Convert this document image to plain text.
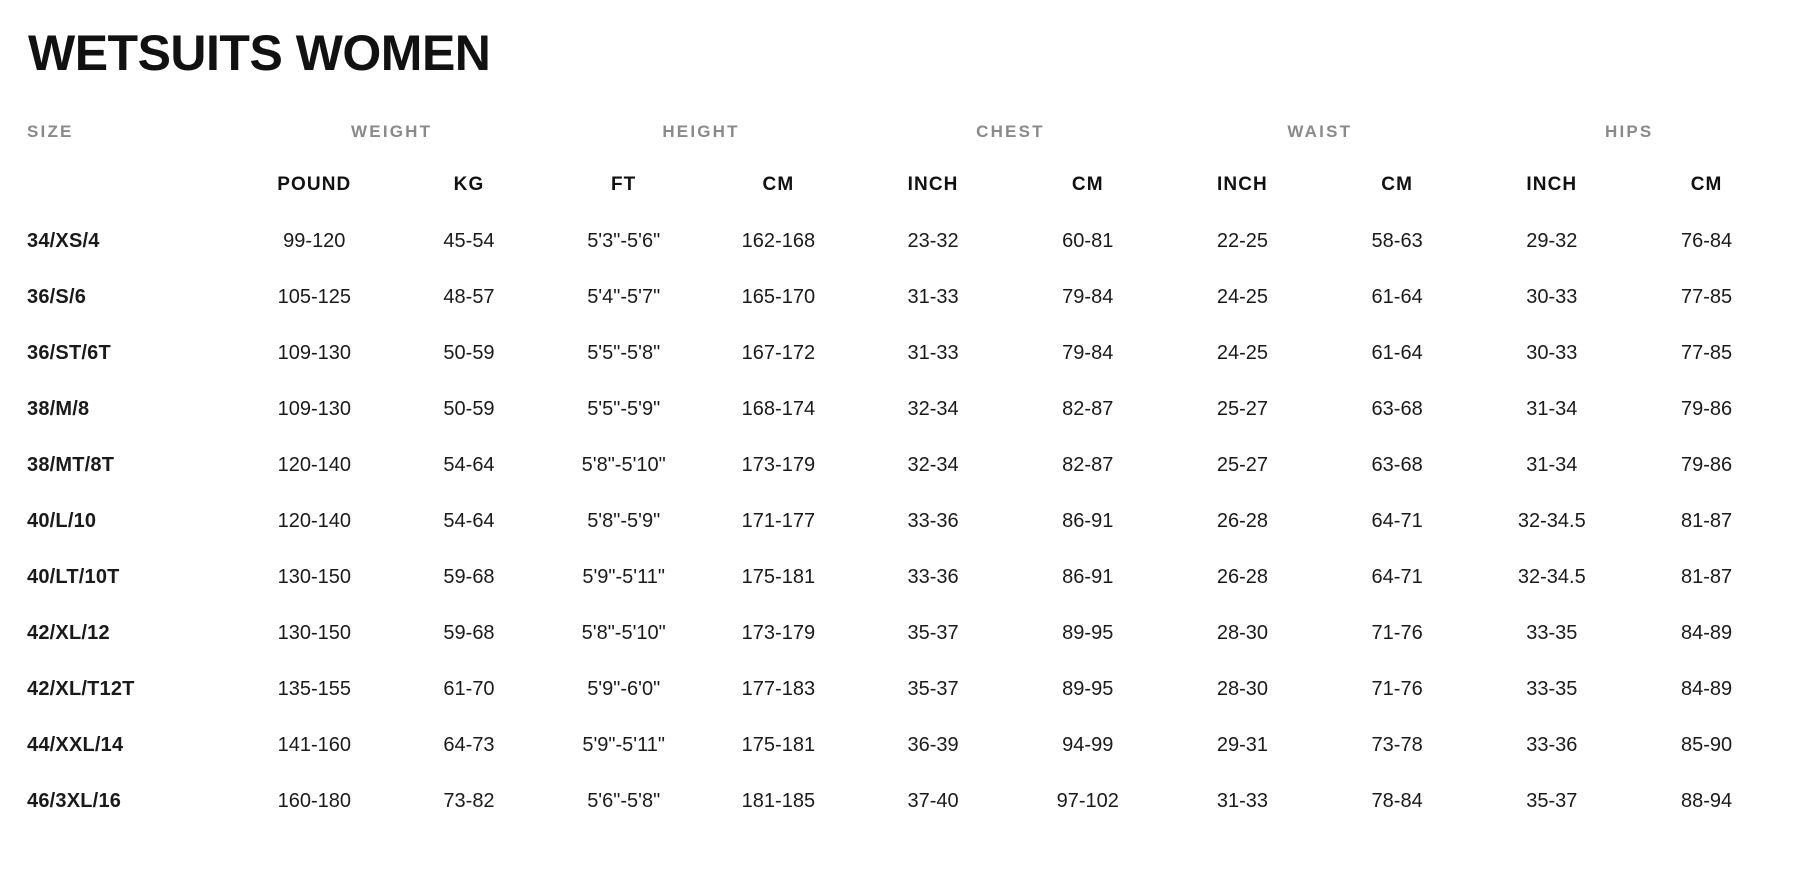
WETSUITS WOMEN
SIZE	WEIGHT		HEIGHT		CHEST		WAIST		HIPS	
	POUND	KG	FT	CM	INCH	CM	INCH	CM	INCH	CM
34/XS/4	99-120	45-54	5'3"-5'6"	162-168	23-32	60-81	22-25	58-63	29-32	76-84
36/S/6	105-125	48-57	5'4"-5'7"	165-170	31-33	79-84	24-25	61-64	30-33	77-85
36/ST/6T	109-130	50-59	5'5"-5'8"	167-172	31-33	79-84	24-25	61-64	30-33	77-85
38/M/8	109-130	50-59	5'5"-5'9"	168-174	32-34	82-87	25-27	63-68	31-34	79-86
38/MT/8T	120-140	54-64	5'8"-5'10"	173-179	32-34	82-87	25-27	63-68	31-34	79-86
40/L/10	120-140	54-64	5'8"-5'9"	171-177	33-36	86-91	26-28	64-71	32-34.5	81-87
40/LT/10T	130-150	59-68	5'9"-5'11"	175-181	33-36	86-91	26-28	64-71	32-34.5	81-87
42/XL/12	130-150	59-68	5'8"-5'10"	173-179	35-37	89-95	28-30	71-76	33-35	84-89
42/XL/T12T	135-155	61-70	5'9"-6'0"	177-183	35-37	89-95	28-30	71-76	33-35	84-89
44/XXL/14	141-160	64-73	5'9"-5'11"	175-181	36-39	94-99	29-31	73-78	33-36	85-90
46/3XL/16	160-180	73-82	5'6"-5'8"	181-185	37-40	97-102	31-33	78-84	35-37	88-94
